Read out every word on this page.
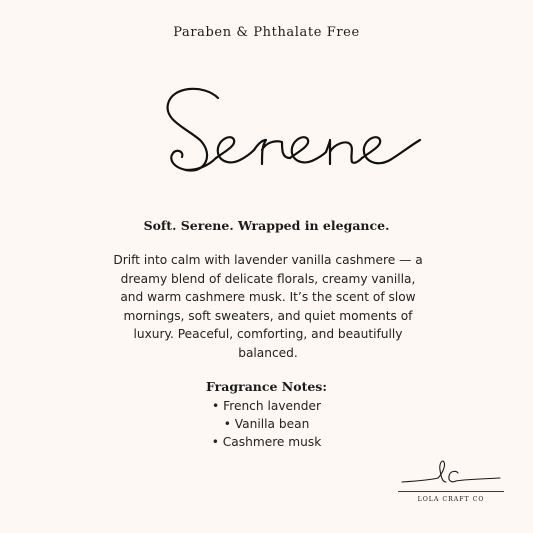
Paraben & Phthalate Free
Soft. Serene. Wrapped in elegance.
Drift into calm with lavender vanilla cashmere — a dreamy blend of delicate florals, creamy vanilla, and warm cashmere musk. It’s the scent of slow mornings, soft sweaters, and quiet moments of luxury. Peaceful, comforting, and beautifully balanced.
Fragrance Notes:
• French lavender
• Vanilla bean
• Cashmere musk
LOLA CRAFT CO
